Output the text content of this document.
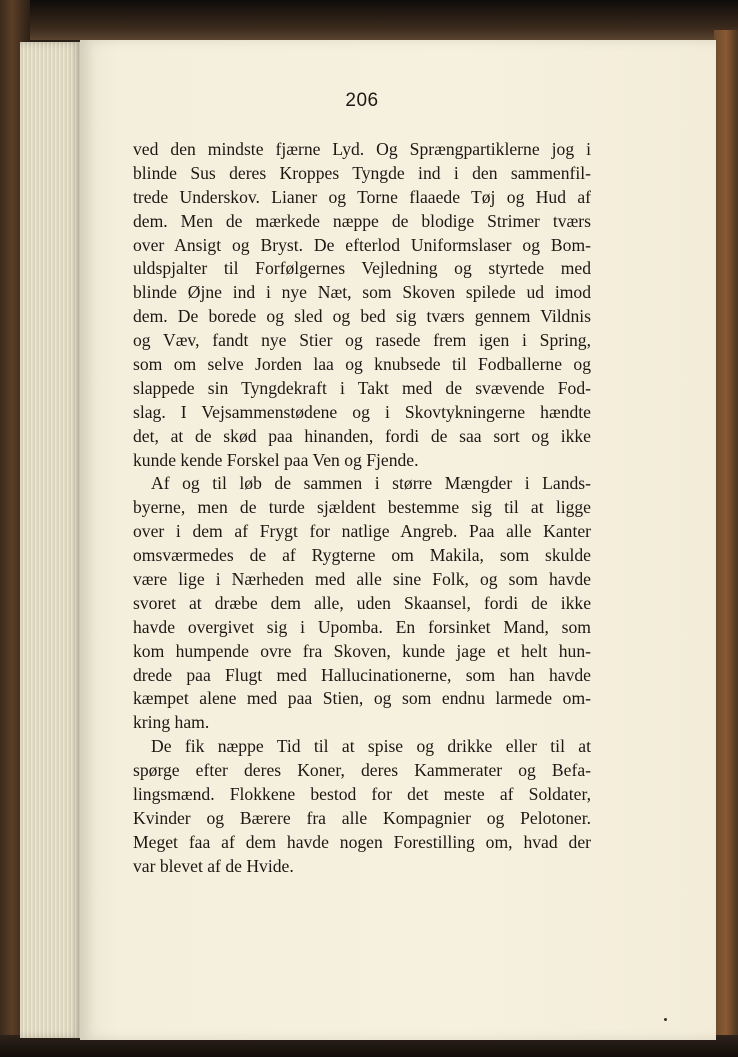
206
ved den mindste fjærne Lyd. Og Sprængpartiklerne jog i
blinde Sus deres Kroppes Tyngde ind i den sammenfil-
trede Underskov. Lianer og Torne flaaede Tøj og Hud af
dem. Men de mærkede næppe de blodige Strimer tværs
over Ansigt og Bryst. De efterlod Uniformslaser og Bom-
uldspjalter til Forfølgernes Vejledning og styrtede med
blinde Øjne ind i nye Næt, som Skoven spilede ud imod
dem. De borede og sled og bed sig tværs gennem Vildnis
og Væv, fandt nye Stier og rasede frem igen i Spring,
som om selve Jorden laa og knubsede til Fodballerne og
slappede sin Tyngdekraft i Takt med de svævende Fod-
slag. I Vejsammenstødene og i Skovtykningerne hændte
det, at de skød paa hinanden, fordi de saa sort og ikke
kunde kende Forskel paa Ven og Fjende.
Af og til løb de sammen i større Mængder i Lands-
byerne, men de turde sjældent bestemme sig til at ligge
over i dem af Frygt for natlige Angreb. Paa alle Kanter
omsværmedes de af Rygterne om Makila, som skulde
være lige i Nærheden med alle sine Folk, og som havde
svoret at dræbe dem alle, uden Skaansel, fordi de ikke
havde overgivet sig i Upomba. En forsinket Mand, som
kom humpende ovre fra Skoven, kunde jage et helt hun-
drede paa Flugt med Hallucinationerne, som han havde
kæmpet alene med paa Stien, og som endnu larmede om-
kring ham.
De fik næppe Tid til at spise og drikke eller til at
spørge efter deres Koner, deres Kammerater og Befa-
lingsmænd. Flokkene bestod for det meste af Soldater,
Kvinder og Bærere fra alle Kompagnier og Pelotoner.
Meget faa af dem havde nogen Forestilling om, hvad der
var blevet af de Hvide.
